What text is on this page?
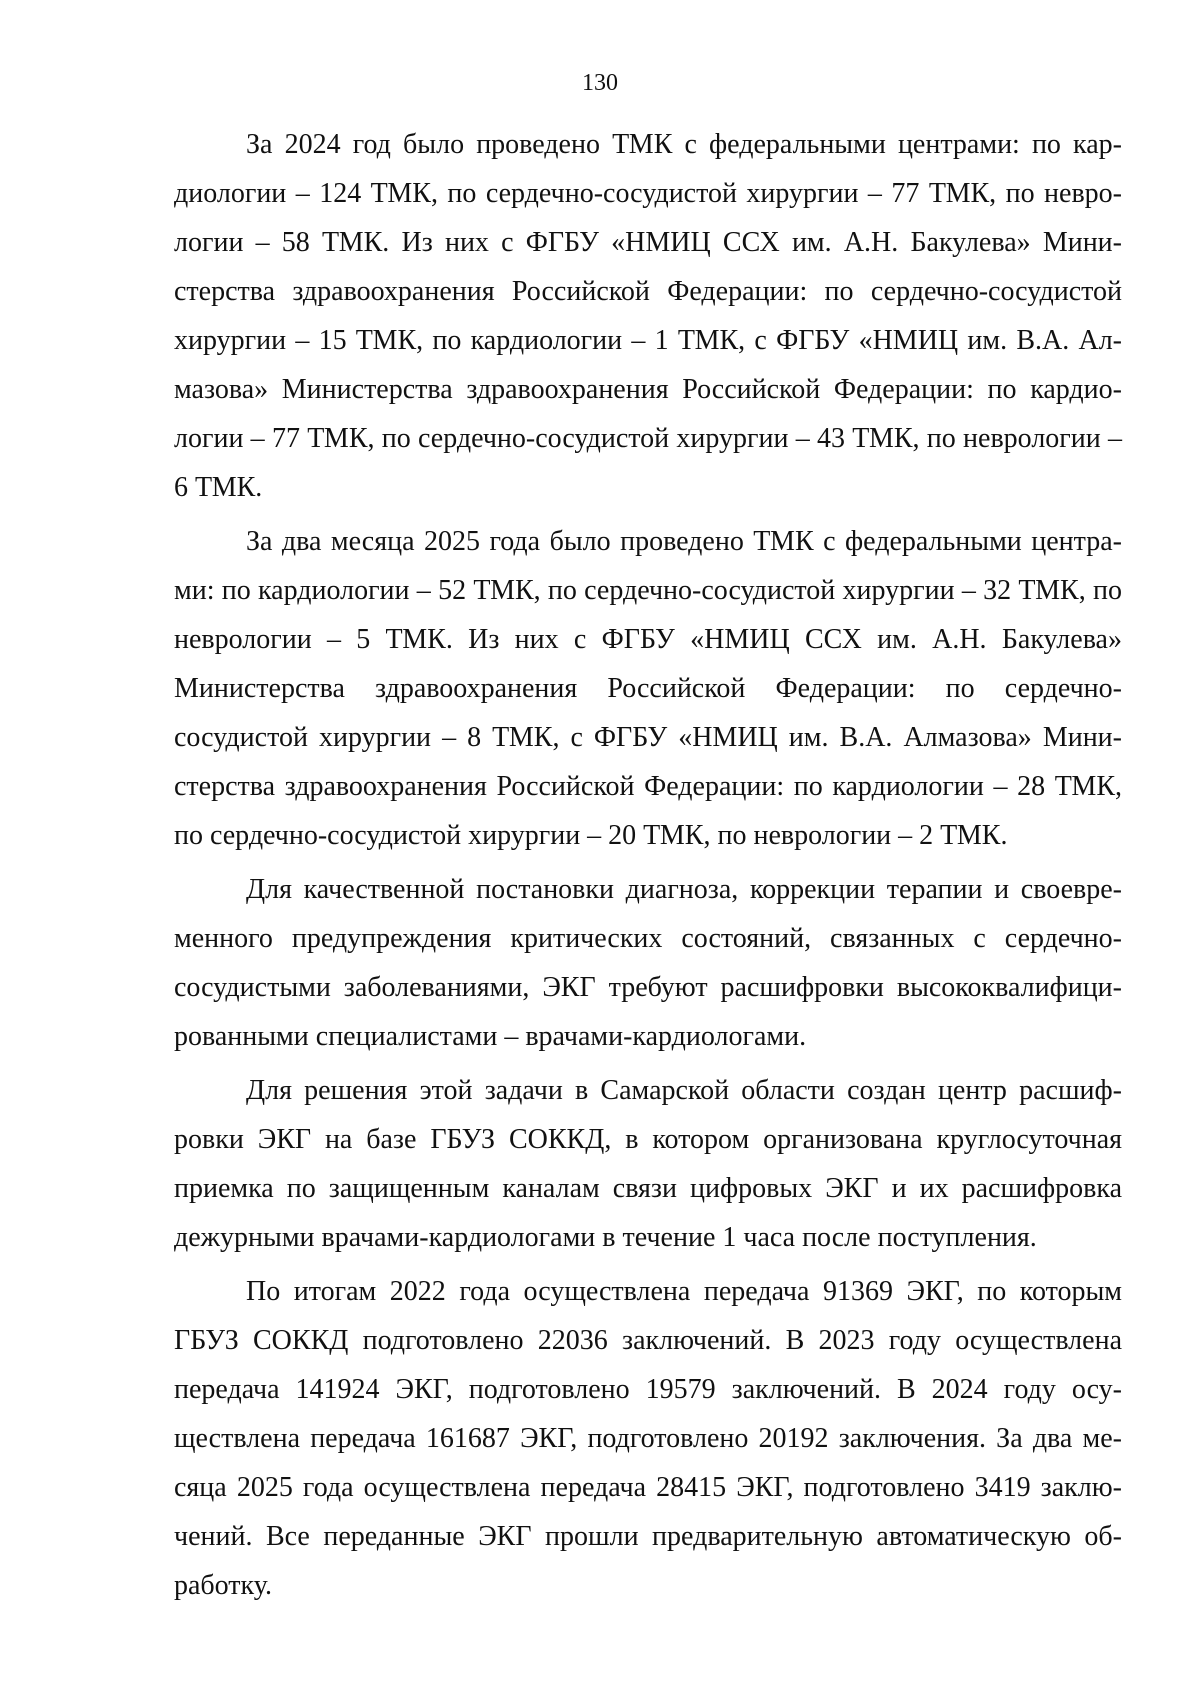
130

За 2024 год было проведено ТМК с федеральными центрами: по кардиологии – 124 ТМК, по сердечно-сосудистой хирургии – 77 ТМК, по неврологии – 58 ТМК. Из них с ФГБУ «НМИЦ ССХ им. А.Н. Бакулева» Министерства здравоохранения Российской Федерации: по сердечно-сосудистой хирургии – 15 ТМК, по кардиологии – 1 ТМК, с ФГБУ «НМИЦ им. В.А. Алмазова» Министерства здравоохранения Российской Федерации: по кардиологии – 77 ТМК, по сердечно-сосудистой хирургии – 43 ТМК, по неврологии – 6 ТМК.

За два месяца 2025 года было проведено ТМК с федеральными центрами: по кардиологии – 52 ТМК, по сердечно-сосудистой хирургии – 32 ТМК, по неврологии – 5 ТМК. Из них с ФГБУ «НМИЦ ССХ им. А.Н. Бакулева» Министерства здравоохранения Российской Федерации: по сердечно-сосудистой хирургии – 8 ТМК, с ФГБУ «НМИЦ им. В.А. Алмазова» Министерства здравоохранения Российской Федерации: по кардиологии – 28 ТМК, по сердечно-сосудистой хирургии – 20 ТМК, по неврологии – 2 ТМК.

Для качественной постановки диагноза, коррекции терапии и своевременного предупреждения критических состояний, связанных с сердечно-сосудистыми заболеваниями, ЭКГ требуют расшифровки высококвалифицированными специалистами – врачами-кардиологами.

Для решения этой задачи в Самарской области создан центр расшифровки ЭКГ на базе ГБУЗ СОККД, в котором организована круглосуточная приемка по защищенным каналам связи цифровых ЭКГ и их расшифровка дежурными врачами-кардиологами в течение 1 часа после поступления.

По итогам 2022 года осуществлена передача 91369 ЭКГ, по которым ГБУЗ СОККД подготовлено 22036 заключений. В 2023 году осуществлена передача 141924 ЭКГ, подготовлено 19579 заключений. В 2024 году осуществлена передача 161687 ЭКГ, подготовлено 20192 заключения. За два месяца 2025 года осуществлена передача 28415 ЭКГ, подготовлено 3419 заключений. Все переданные ЭКГ прошли предварительную автоматическую обработку.
